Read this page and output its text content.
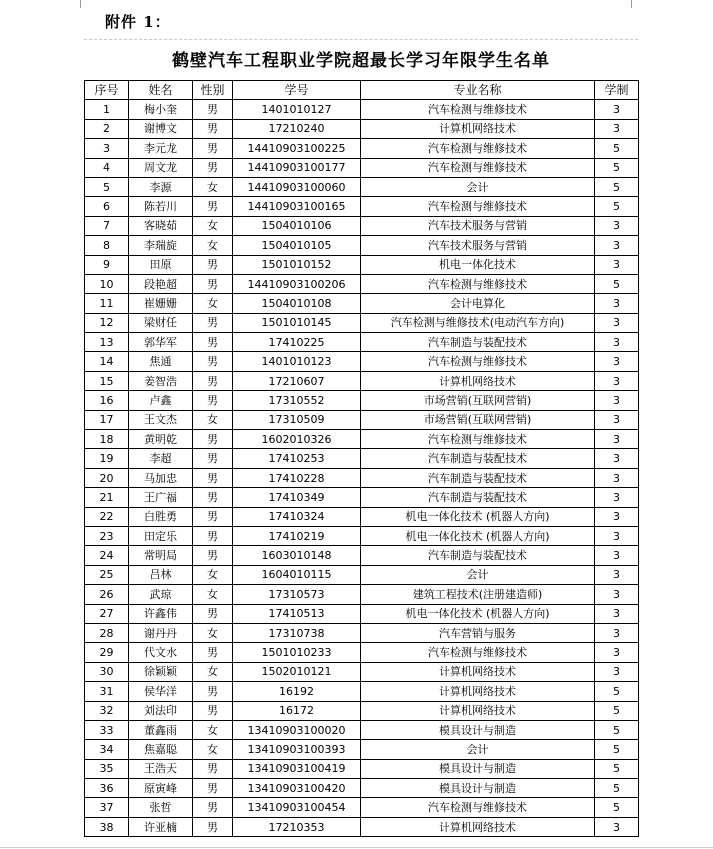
附件 1：
鹤壁汽车工程职业学院超最长学习年限学生名单
序号	姓名	性别	学号	专业名称	学制
1	梅小奎	男	1401010127	汽车检测与维修技术	3
2	谢博文	男	17210240	计算机网络技术	3
3	李元龙	男	14410903100225	汽车检测与维修技术	5
4	周文龙	男	14410903100177	汽车检测与维修技术	5
5	李源	女	14410903100060	会计	5
6	陈若川	男	14410903100165	汽车检测与维修技术	5
7	客晓茹	女	1504010106	汽车技术服务与营销	3
8	李瑞旋	女	1504010105	汽车技术服务与营销	3
9	田原	男	1501010152	机电一体化技术	3
10	段艳超	男	14410903100206	汽车检测与维修技术	5
11	崔姗姗	女	1504010108	会计电算化	3
12	梁财任	男	1501010145	汽车检测与维修技术(电动汽车方向)	3
13	郭华军	男	17410225	汽车制造与装配技术	3
14	焦通	男	1401010123	汽车检测与维修技术	3
15	姜智浩	男	17210607	计算机网络技术	3
16	卢鑫	男	17310552	市场营销(互联网营销)	3
17	王文杰	女	17310509	市场营销(互联网营销)	3
18	黄明乾	男	1602010326	汽车检测与维修技术	3
19	李超	男	17410253	汽车制造与装配技术	3
20	马加忠	男	17410228	汽车制造与装配技术	3
21	王广福	男	17410349	汽车制造与装配技术	3
22	白胜勇	男	17410324	机电一体化技术 (机器人方向)	3
23	田定乐	男	17410219	机电一体化技术 (机器人方向)	3
24	常明局	男	1603010148	汽车制造与装配技术	3
25	吕林	女	1604010115	会计	3
26	武琼	女	17310573	建筑工程技术(注册建造师)	3
27	许鑫伟	男	17410513	机电一体化技术 (机器人方向)	3
28	谢丹丹	女	17310738	汽车营销与服务	3
29	代文水	男	1501010233	汽车检测与维修技术	3
30	徐颖颖	女	1502010121	计算机网络技术	3
31	侯华洋	男	16192	计算机网络技术	5
32	刘法印	男	16172	计算机网络技术	5
33	董鑫雨	女	13410903100020	模具设计与制造	5
34	焦嘉聪	女	13410903100393	会计	5
35	王浩天	男	13410903100419	模具设计与制造	5
36	原寅峰	男	13410903100420	模具设计与制造	5
37	张哲	男	13410903100454	汽车检测与维修技术	5
38	许亚楠	男	17210353	计算机网络技术	3
